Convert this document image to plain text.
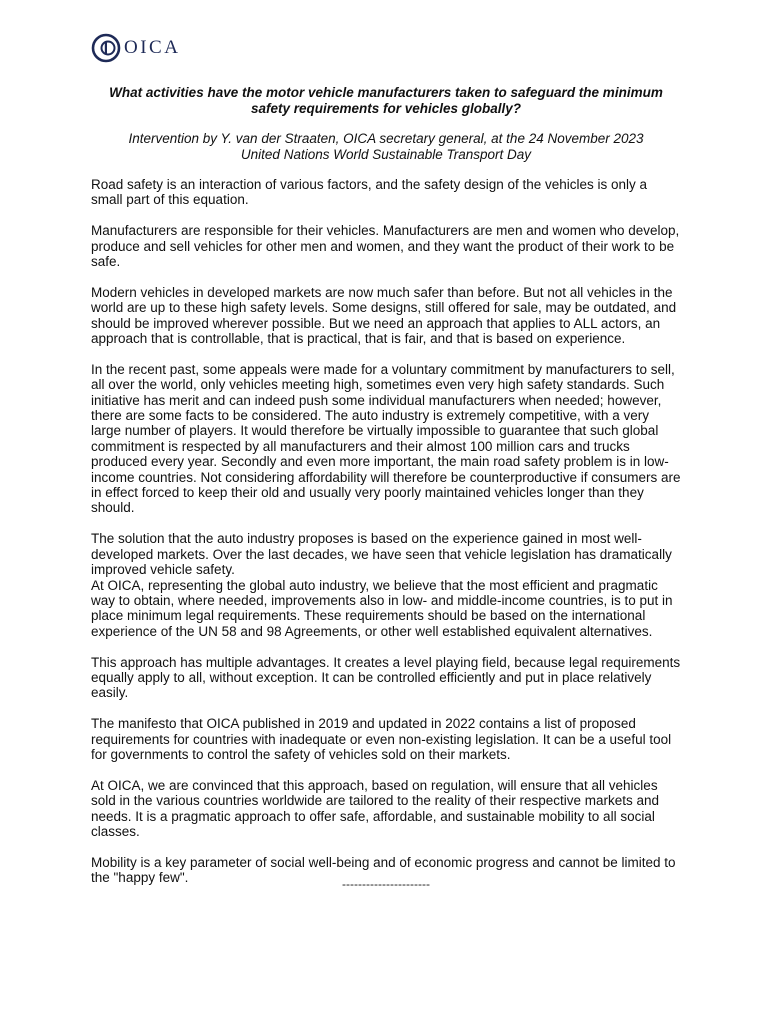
OICA
What activities have the motor vehicle manufacturers taken to safeguard the minimum
safety requirements for vehicles globally?
Intervention by Y. van der Straaten, OICA secretary general, at the 24 November 2023
United Nations World Sustainable Transport Day

Road safety is an interaction of various factors, and the safety design of the vehicles is only a small part of this equation.

Manufacturers are responsible for their vehicles. Manufacturers are men and women who develop, produce and sell vehicles for other men and women, and they want the product of their work to be safe.

Modern vehicles in developed markets are now much safer than before. But not all vehicles in the world are up to these high safety levels. Some designs, still offered for sale, may be outdated, and should be improved wherever possible. But we need an approach that applies to ALL actors, an approach that is controllable, that is practical, that is fair, and that is based on experience.

In the recent past, some appeals were made for a voluntary commitment by manufacturers to sell, all over the world, only vehicles meeting high, sometimes even very high safety standards. Such initiative has merit and can indeed push some individual manufacturers when needed; however, there are some facts to be considered. The auto industry is extremely competitive, with a very large number of players. It would therefore be virtually impossible to guarantee that such global commitment is respected by all manufacturers and their almost 100 million cars and trucks produced every year. Secondly and even more important, the main road safety problem is in low-income countries. Not considering affordability will therefore be counterproductive if consumers are in effect forced to keep their old and usually very poorly maintained vehicles longer than they should.

The solution that the auto industry proposes is based on the experience gained in most well-developed markets. Over the last decades, we have seen that vehicle legislation has dramatically improved vehicle safety.

At OICA, representing the global auto industry, we believe that the most efficient and pragmatic way to obtain, where needed, improvements also in low- and middle-income countries, is to put in place minimum legal requirements. These requirements should be based on the international experience of the UN 58 and 98 Agreements, or other well established equivalent alternatives.

This approach has multiple advantages. It creates a level playing field, because legal requirements equally apply to all, without exception. It can be controlled efficiently and put in place relatively easily.

The manifesto that OICA published in 2019 and updated in 2022 contains a list of proposed requirements for countries with inadequate or even non-existing legislation. It can be a useful tool for governments to control the safety of vehicles sold on their markets.

At OICA, we are convinced that this approach, based on regulation, will ensure that all vehicles sold in the various countries worldwide are tailored to the reality of their respective markets and needs. It is a pragmatic approach to offer safe, affordable, and sustainable mobility to all social classes.

Mobility is a key parameter of social well-being and of economic progress and cannot be limited to the "happy few".	----------------------
